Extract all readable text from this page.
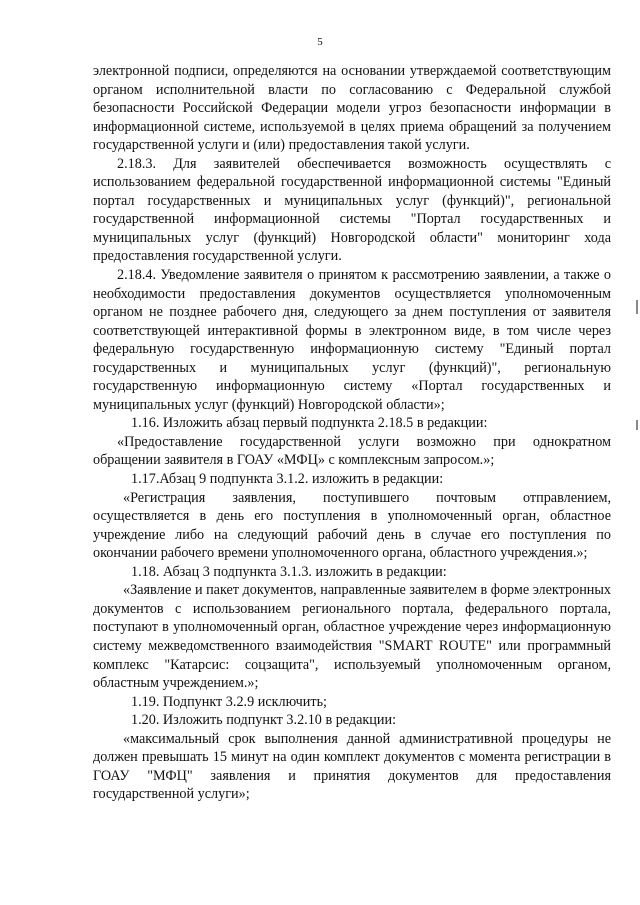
5

электронной подписи, определяются на основании утверждаемой соответствующим органом исполнительной власти по согласованию с Федеральной службой безопасности Российской Федерации модели угроз безопасности информации в информационной системе, используемой в целях приема обращений за получением государственной услуги и (или) предоставления такой услуги.

2.18.3. Для заявителей обеспечивается возможность осуществлять с использованием федеральной государственной информационной системы "Единый портал государственных и муниципальных услуг (функций)", региональной государственной информационной системы "Портал государственных и муниципальных услуг (функций) Новгородской области" мониторинг хода предоставления государственной услуги.

2.18.4. Уведомление заявителя о принятом к рассмотрению заявлении, а также о необходимости предоставления документов осуществляется уполномоченным органом не позднее рабочего дня, следующего за днем поступления от заявителя соответствующей интерактивной формы в электронном виде, в том числе через федеральную государственную информационную систему "Единый портал государственных и муниципальных услуг (функций)", региональную государственную информационную систему «Портал государственных и муниципальных услуг (функций) Новгородской области»;

1.16. Изложить абзац первый подпункта 2.18.5 в редакции:

«Предоставление государственной услуги возможно при однократном обращении заявителя в ГОАУ «МФЦ» с комплексным запросом.»;

1.17.Абзац 9 подпункта 3.1.2. изложить в редакции:

«Регистрация заявления, поступившего почтовым отправлением, осуществляется в день его поступления в уполномоченный орган, областное учреждение либо на следующий рабочий день в случае его поступления по окончании рабочего времени уполномоченного органа, областного учреждения.»;

1.18. Абзац 3 подпункта 3.1.3. изложить в редакции:

«Заявление и пакет документов, направленные заявителем в форме электронных документов с использованием регионального портала, федерального портала, поступают в уполномоченный орган, областное учреждение через информационную систему межведомственного взаимодействия "SMART ROUTE" или программный комплекс "Катарсис: соцзащита", используемый уполномоченным органом, областным учреждением.»;

1.19. Подпункт 3.2.9 исключить;

1.20. Изложить подпункт 3.2.10 в редакции:

«максимальный срок выполнения данной административной процедуры не должен превышать 15 минут на один комплект документов с момента регистрации в ГОАУ "МФЦ" заявления и принятия документов для предоставления государственной услуги»;
